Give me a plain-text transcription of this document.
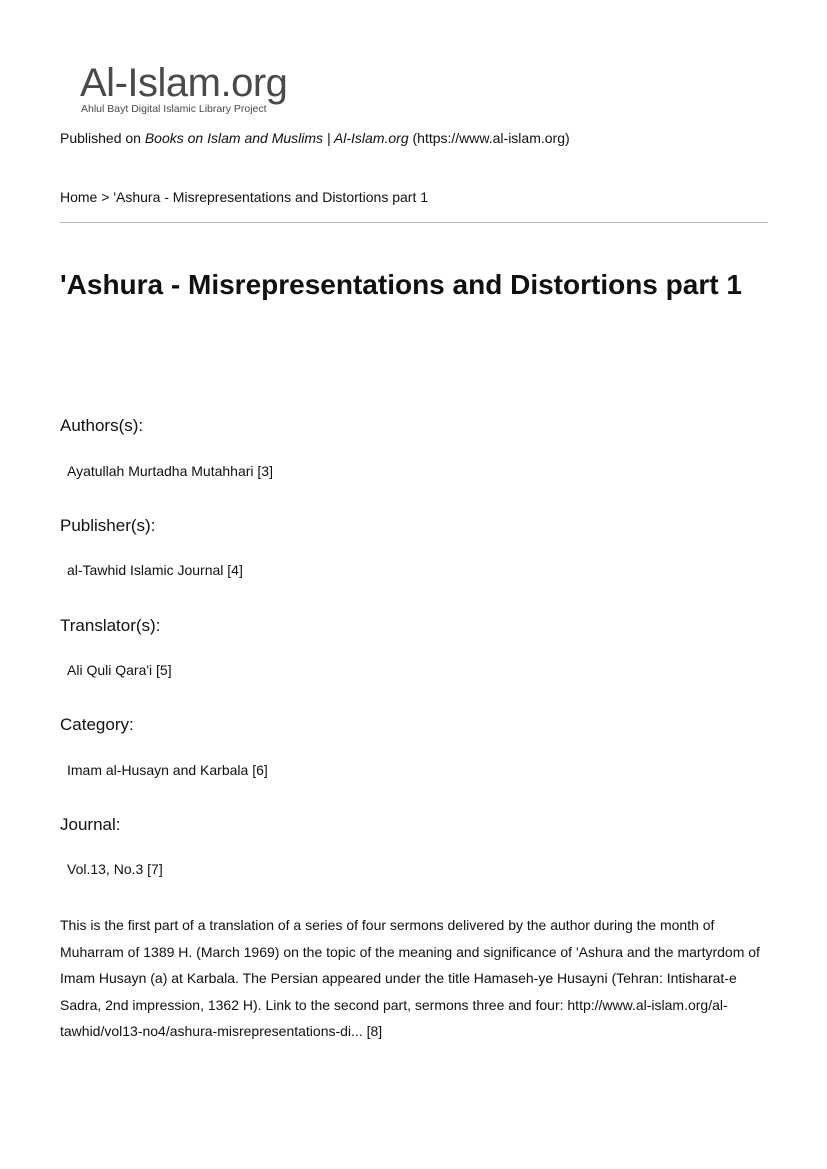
Al-Islam.org
Ahlul Bayt Digital Islamic Library Project
Published on Books on Islam and Muslims | Al-Islam.org (https://www.al-islam.org)
Home > 'Ashura - Misrepresentations and Distortions part 1
'Ashura - Misrepresentations and Distortions part 1
Authors(s):
Ayatullah Murtadha Mutahhari [3]
Publisher(s):
al-Tawhid Islamic Journal [4]
Translator(s):
Ali Quli Qara'i [5]
Category:
Imam al-Husayn and Karbala [6]
Journal:
Vol.13, No.3 [7]

This is the first part of a translation of a series of four sermons delivered by the author during the month of Muharram of 1389 H. (March 1969) on the topic of the meaning and significance of 'Ashura and the martyrdom of Imam Husayn (a) at Karbala. The Persian appeared under the title Hamaseh-ye Husayni (Tehran: Intisharat-e Sadra, 2nd impression, 1362 H). Link to the second part, sermons three and four: http://www.al-islam.org/al-tawhid/vol13-no4/ashura-misrepresentations-di... [8]
